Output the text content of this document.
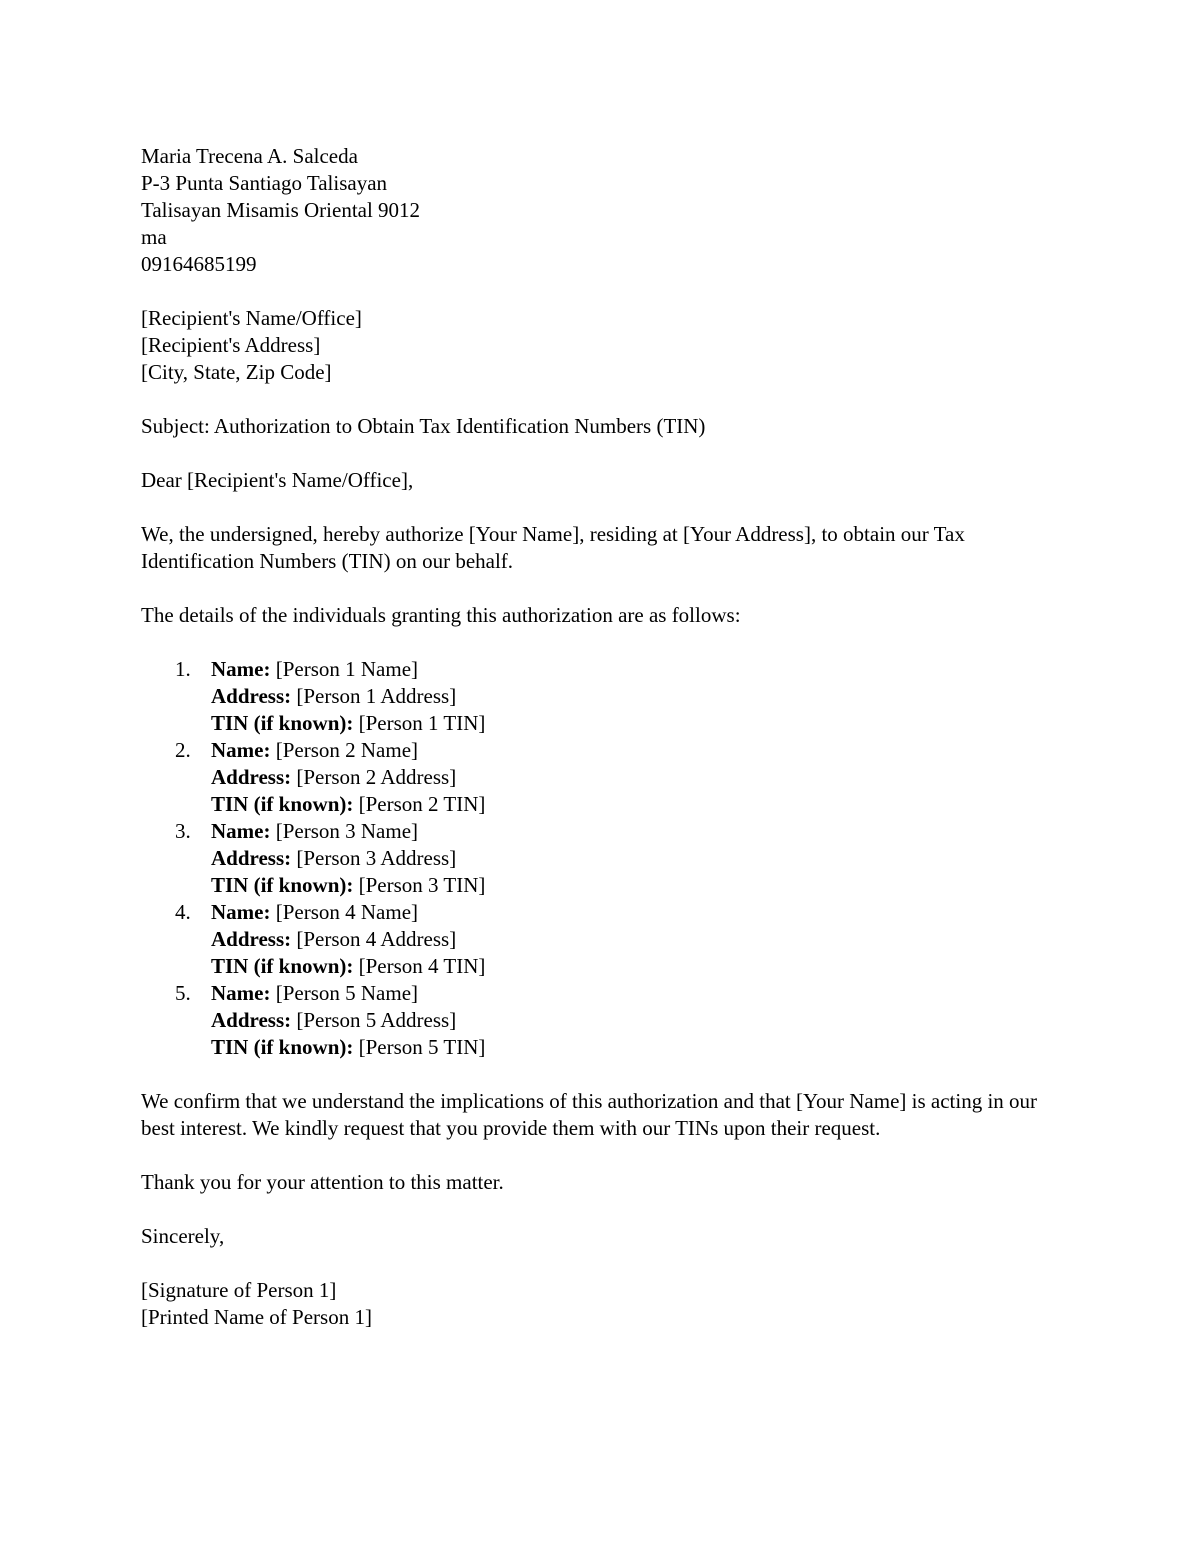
Maria Trecena A. Salceda
P-3 Punta Santiago Talisayan
Talisayan Misamis Oriental 9012
ma
09164685199
[Recipient's Name/Office]
[Recipient's Address]
[City, State, Zip Code]

Subject: Authorization to Obtain Tax Identification Numbers (TIN)

Dear [Recipient's Name/Office],

We, the undersigned, hereby authorize [Your Name], residing at [Your Address], to obtain our Tax Identification Numbers (TIN) on our behalf.

The details of the individuals granting this authorization are as follows:

1. Name: [Person 1 Name]
Address: [Person 1 Address]
TIN (if known): [Person 1 TIN]
2. Name: [Person 2 Name]
Address: [Person 2 Address]
TIN (if known): [Person 2 TIN]
3. Name: [Person 3 Name]
Address: [Person 3 Address]
TIN (if known): [Person 3 TIN]
4. Name: [Person 4 Name]
Address: [Person 4 Address]
TIN (if known): [Person 4 TIN]
5. Name: [Person 5 Name]
Address: [Person 5 Address]
TIN (if known): [Person 5 TIN]

We confirm that we understand the implications of this authorization and that [Your Name] is acting in our best interest. We kindly request that you provide them with our TINs upon their request.

Thank you for your attention to this matter.

Sincerely,

[Signature of Person 1]
[Printed Name of Person 1]
